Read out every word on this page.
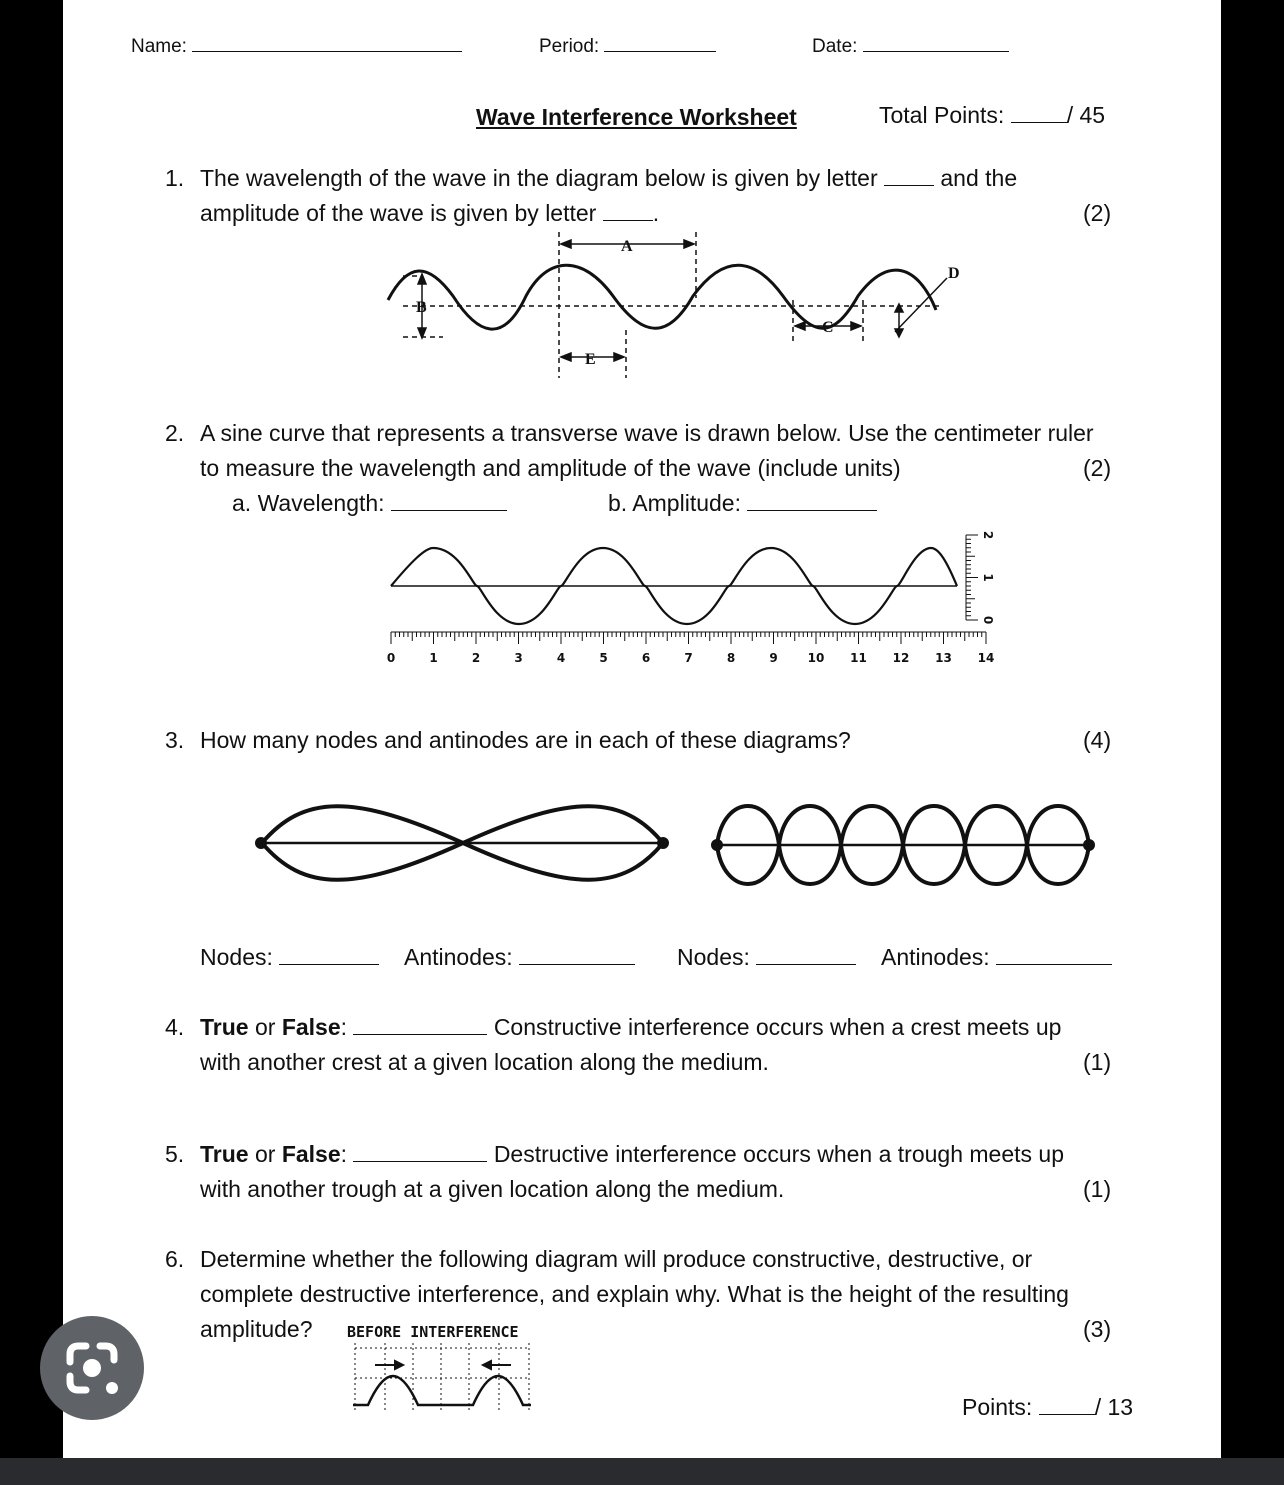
Name:	Period:	Date:
Wave Interference Worksheet	Total Points:	/ 45
1. The wavelength of the wave in the diagram below is given by letter	and the
amplitude of the wave is given by letter .	(2)
A
B
C
D
E
2. A sine curve that represents a transverse wave is drawn below. Use the centimeter ruler
to measure the wavelength and amplitude of the wave (include units)	(2)
a. Wavelength:	b. Amplitude:
0	1	2	3	4	5	6	7	8	9 10 11 12 13 14
0
1
2
3. How many nodes and antinodes are in each of these diagrams?	(4)
Nodes:	Antinodes:	Nodes:	Antinodes:
4. True or False:	Constructive interference occurs when a crest meets up
with another crest at a given location along the medium.	(1)
5. True or False:	Destructive interference occurs when a trough meets up
with another trough at a given location along the medium.	(1)
6. Determine whether the following diagram will produce constructive, destructive, or
complete destructive interference, and explain why. What is the height of the resulting
amplitude? BEFORE INTERFERENCE	(3)
Points:	/ 13
